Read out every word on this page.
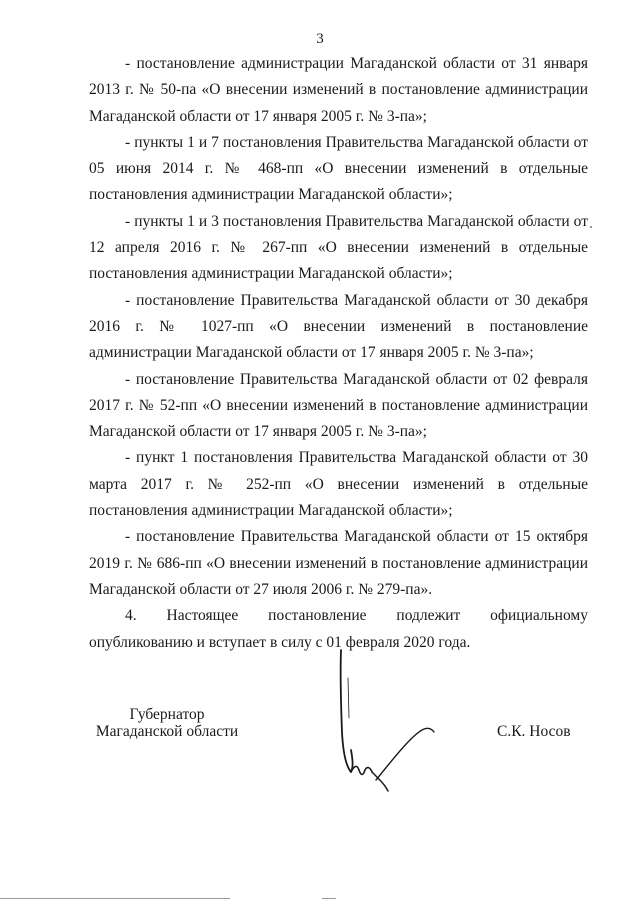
3

- постановление администрации Магаданской области от 31 января 2013 г. № 50-па «О внесении изменений в постановление администрации Магаданской области от 17 января 2005 г. № 3-па»;

- пункты 1 и 7 постановления Правительства Магаданской области от 05 июня 2014 г. № 468-пп «О внесении изменений в отдельные постановления администрации Магаданской области»;

- пункты 1 и 3 постановления Правительства Магаданской области от 12 апреля 2016 г. № 267-пп «О внесении изменений в отдельные постановления администрации Магаданской области»;

- постановление Правительства Магаданской области от 30 декабря 2016 г. № 1027-пп «О внесении изменений в постановление администрации Магаданской области от 17 января 2005 г. № 3-па»;

- постановление Правительства Магаданской области от 02 февраля 2017 г. № 52-пп «О внесении изменений в постановление администрации Магаданской области от 17 января 2005 г. № 3-па»;

- пункт 1 постановления Правительства Магаданской области от 30 марта 2017 г. № 252-пп «О внесении изменений в отдельные постановления администрации Магаданской области»;

- постановление Правительства Магаданской области от 15 октября 2019 г. № 686-пп «О внесении изменений в постановление администрации Магаданской области от 27 июля 2006 г. № 279-па».

4. Настоящее постановление подлежит официальному опубликованию и вступает в силу с 01 февраля 2020 года.

Губернатор
Магаданской области	С.К. Носов
